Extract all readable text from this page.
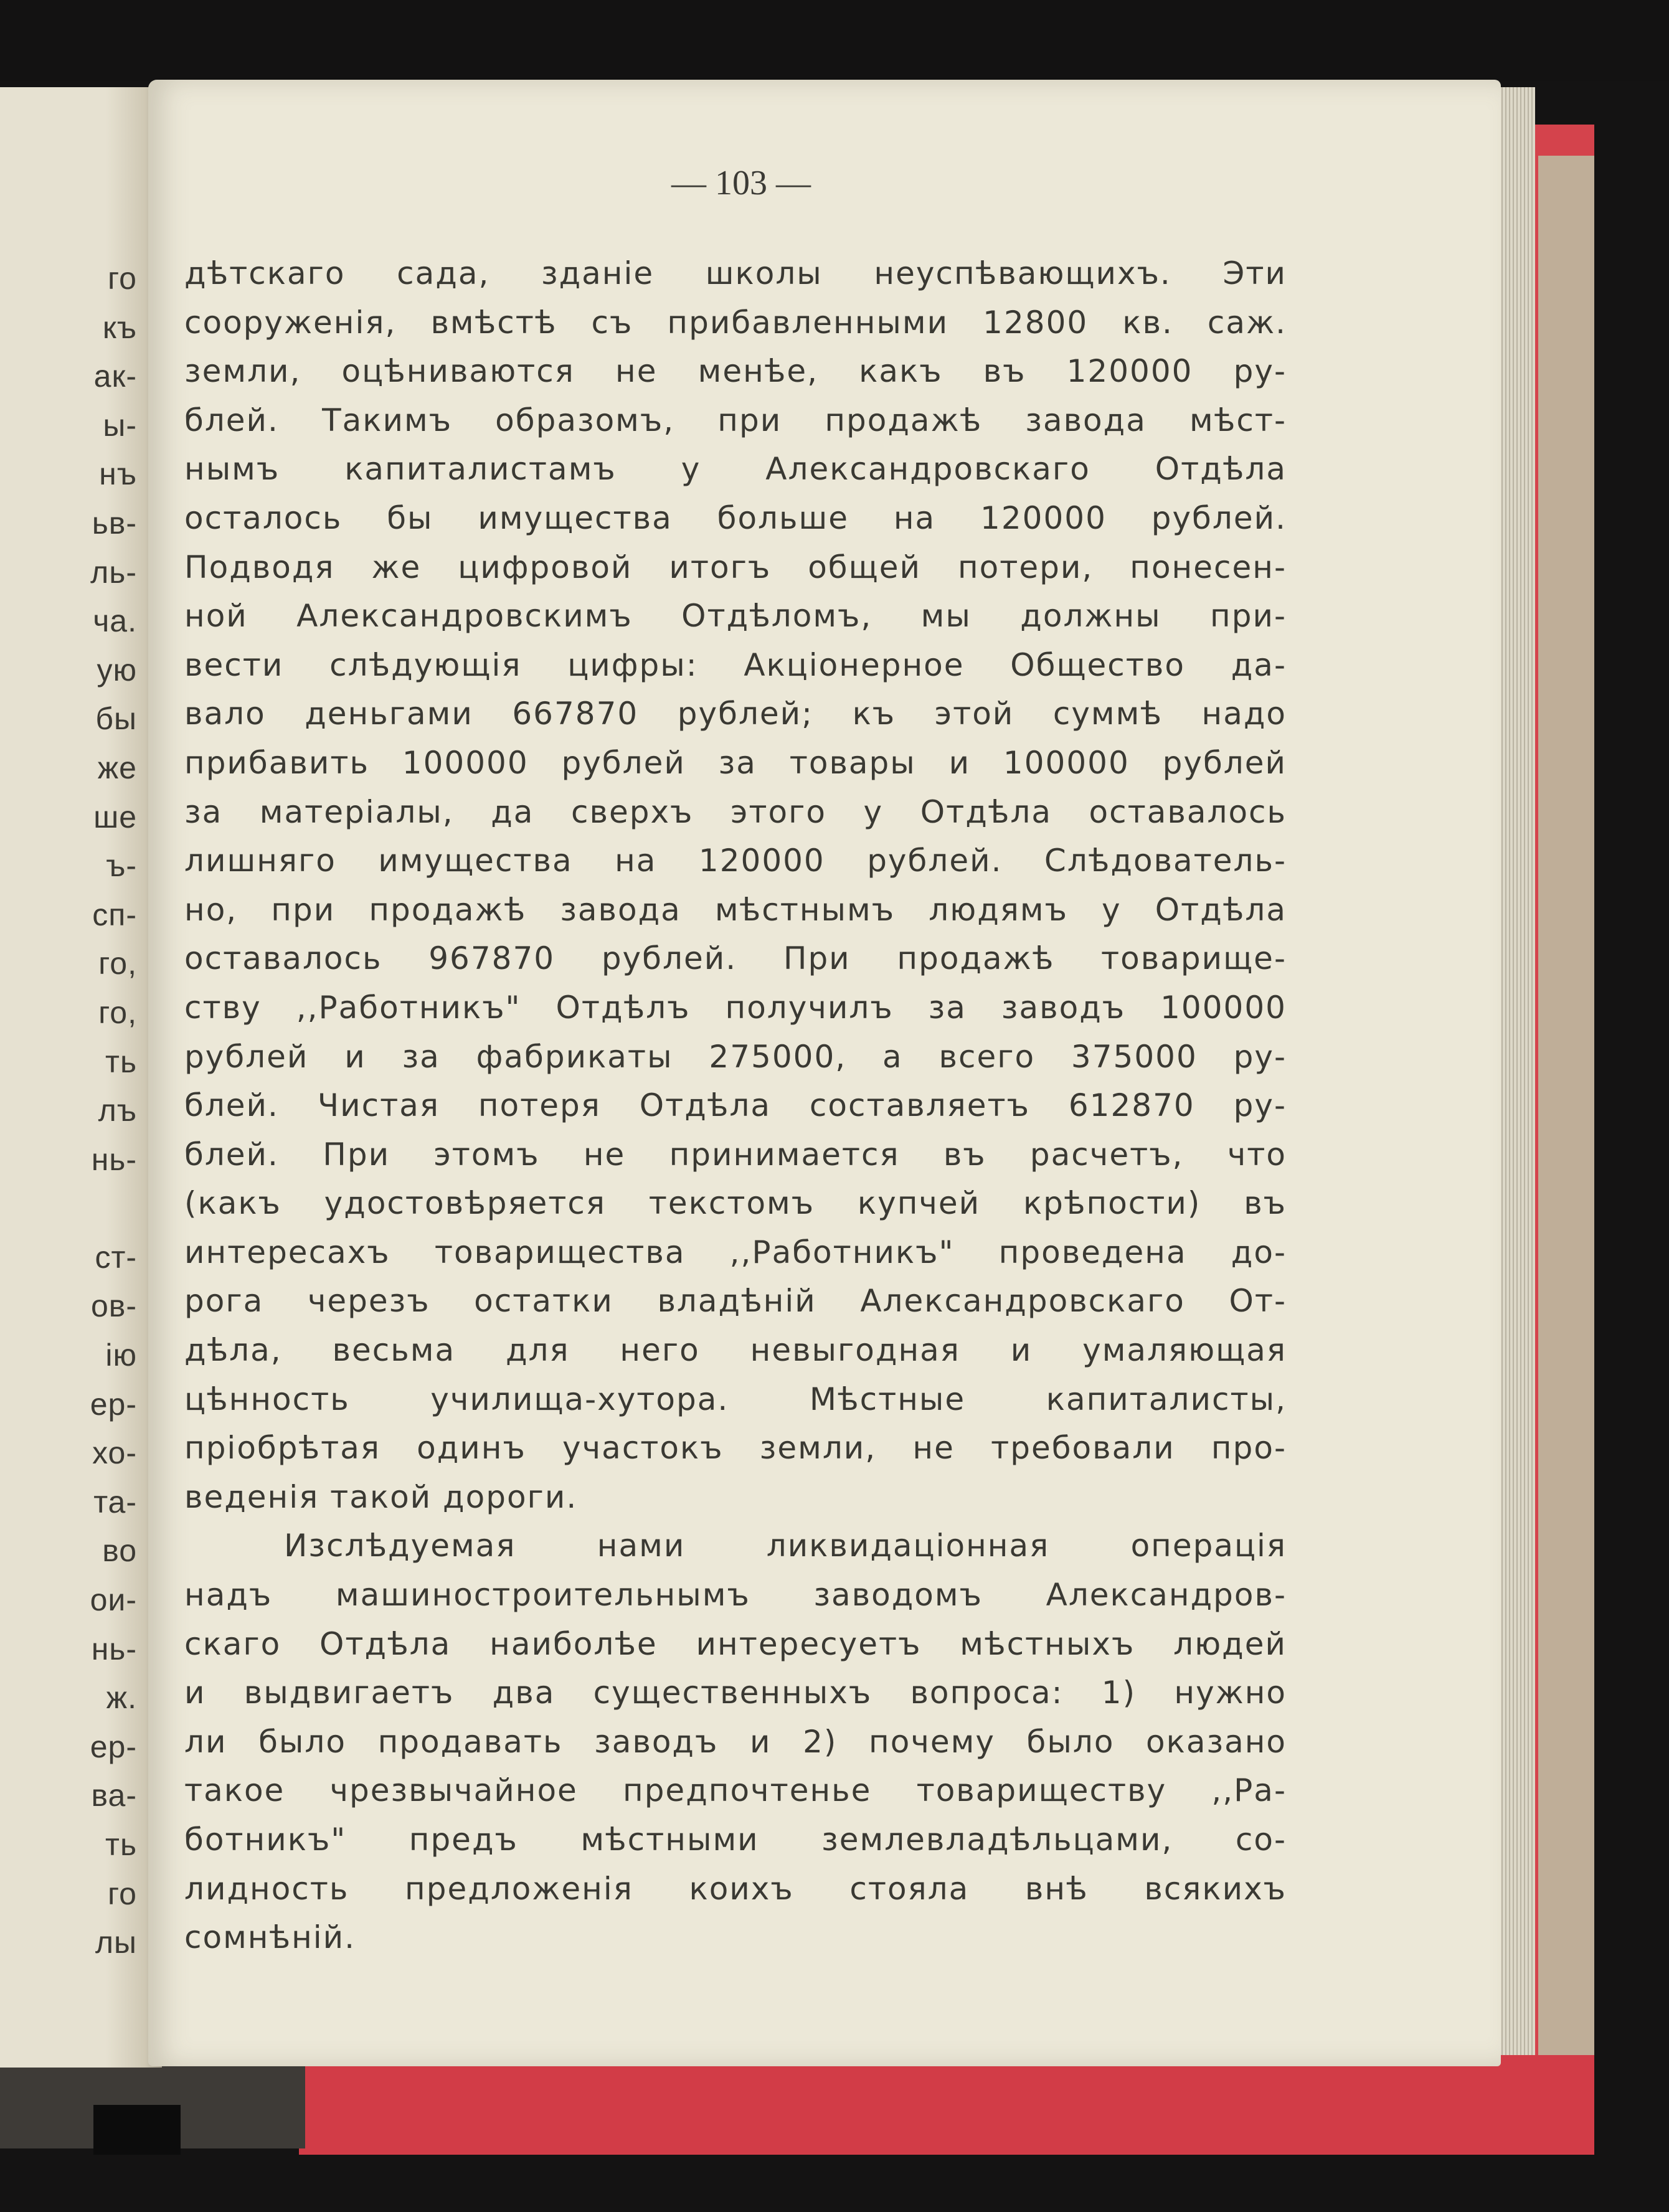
го
къ
ак-
ы-
нъ
ьв-
ль-
ча.
ую
бы
же
ше
ъ-
сп-
го,
го,
ть
лъ
нь-
ст-
ов-
ію
ер-
хо-
та-
во
ои-
нь-
ж.
ер-
ва-
ть
го
лы
— 103 —
дѣтскаго сада, зданіе школы неуспѣвающихъ. Эти
сооруженія, вмѣстѣ съ прибавленными 12800 кв. саж.
земли, оцѣниваются не менѣе, какъ въ 120000 ру-
блей. Такимъ образомъ, при продажѣ завода мѣст-
нымъ капиталистамъ у Александровскаго Отдѣла
осталось бы имущества больше на 120000 рублей.
Подводя же цифровой итогъ общей потери, понесен-
ной Александровскимъ Отдѣломъ, мы должны при-
вести слѣдующія цифры: Акціонерное Общество да-
вало деньгами 667870 рублей; къ этой суммѣ надо
прибавить 100000 рублей за товары и 100000 рублей
за матеріалы, да сверхъ этого у Отдѣла оставалось
лишняго имущества на 120000 рублей. Слѣдователь-
но, при продажѣ завода мѣстнымъ людямъ у Отдѣла
оставалось 967870 рублей. При продажѣ товарище-
ству ,,Работникъ" Отдѣлъ получилъ за заводъ 100000
рублей и за фабрикаты 275000, а всего 375000 ру-
блей. Чистая потеря Отдѣла составляетъ 612870 ру-
блей. При этомъ не принимается въ расчетъ, что
(какъ удостовѣряется текстомъ купчей крѣпости) въ
интересахъ товарищества ,,Работникъ" проведена до-
рога черезъ остатки владѣній Александровскаго От-
дѣла, весьма для него невыгодная и умаляющая
цѣнность училища-хутора. Мѣстные капиталисты,
пріобрѣтая одинъ участокъ земли, не требовали про-
веденія такой дороги.
Изслѣдуемая нами ликвидаціонная операція
надъ машиностроительнымъ заводомъ Александров-
скаго Отдѣла наиболѣе интересуетъ мѣстныхъ людей
и выдвигаетъ два существенныхъ вопроса: 1) нужно
ли было продавать заводъ и 2) почему было оказано
такое чрезвычайное предпочтенье товариществу ,,Ра-
ботникъ" предъ мѣстными землевладѣльцами, со-
лидность предложенія коихъ стояла внѣ всякихъ
сомнѣній.
